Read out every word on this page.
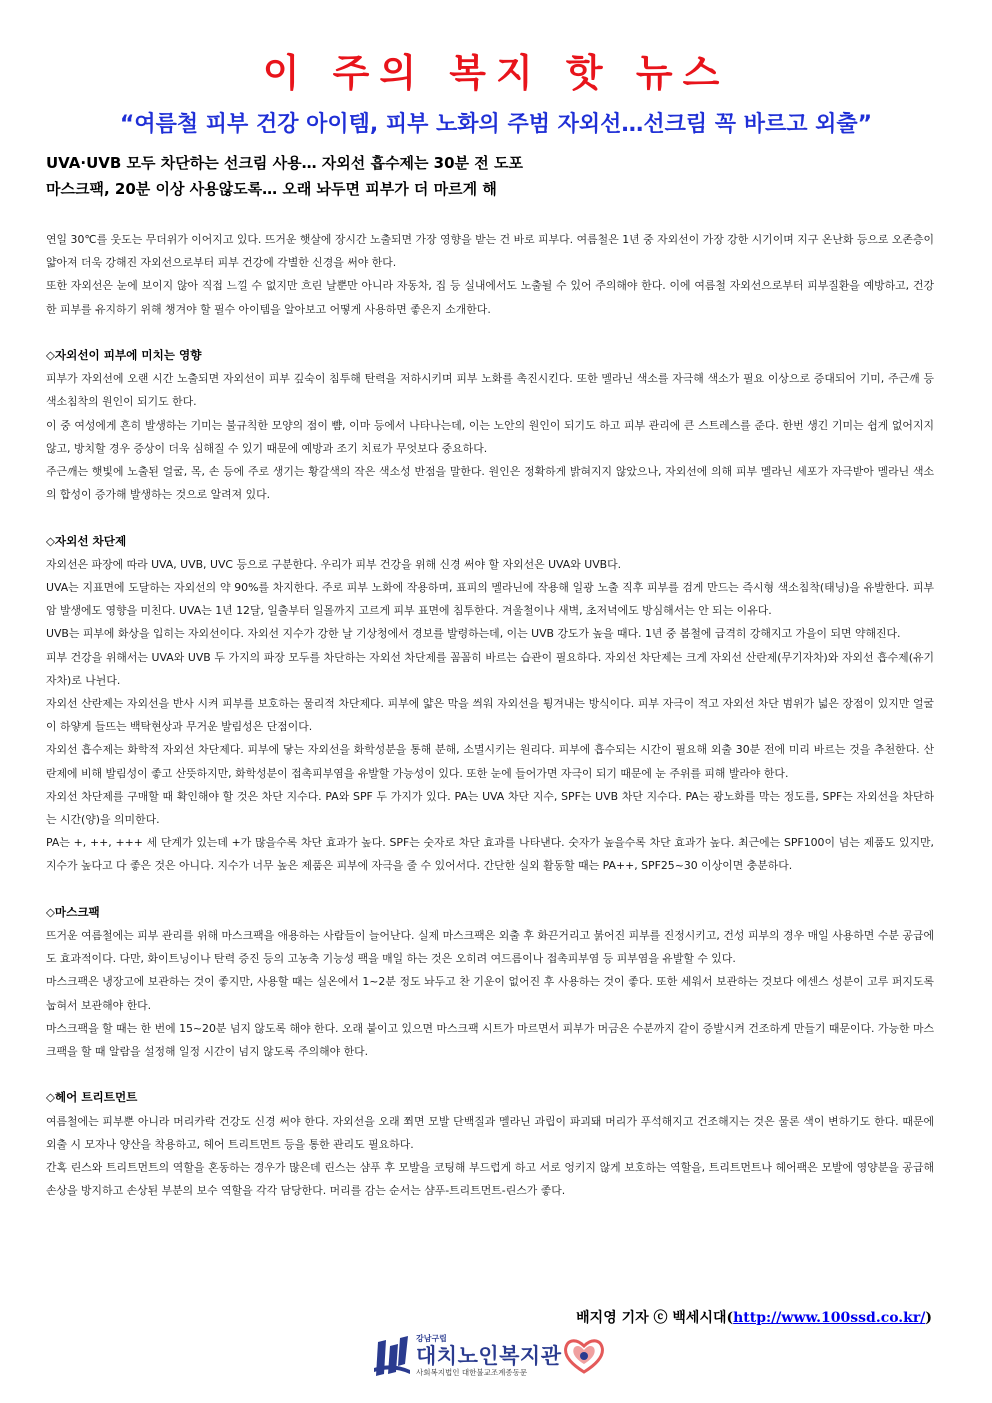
이 주의 복지 핫 뉴스
“여름철 피부 건강 아이템, 피부 노화의 주범 자외선…선크림 꼭 바르고 외출”

UVA·UVB 모두 차단하는 선크림 사용… 자외선 흡수제는 30분 전 도포

마스크팩, 20분 이상 사용않도록… 오래 놔두면 피부가 더 마르게 해

연일 30℃를 웃도는 무더위가 이어지고 있다. 뜨거운 햇살에 장시간 노출되면 가장 영향을 받는 건 바로 피부다. 여름철은 1년 중 자외선이 가장 강한 시기이며 지구 온난화 등으로 오존층이 얇아져 더욱 강해진 자외선으로부터 피부 건강에 각별한 신경을 써야 한다.

또한 자외선은 눈에 보이지 않아 직접 느낄 수 없지만 흐린 날뿐만 아니라 자동차, 집 등 실내에서도 노출될 수 있어 주의해야 한다. 이에 여름철 자외선으로부터 피부질환을 예방하고, 건강한 피부를 유지하기 위해 챙겨야 할 필수 아이템을 알아보고 어떻게 사용하면 좋은지 소개한다.

◇자외선이 피부에 미치는 영향

피부가 자외선에 오랜 시간 노출되면 자외선이 피부 깊숙이 침투해 탄력을 저하시키며 피부 노화를 촉진시킨다. 또한 멜라닌 색소를 자극해 색소가 필요 이상으로 증대되어 기미, 주근깨 등 색소침착의 원인이 되기도 한다.

이 중 여성에게 흔히 발생하는 기미는 불규칙한 모양의 점이 뺨, 이마 등에서 나타나는데, 이는 노안의 원인이 되기도 하고 피부 관리에 큰 스트레스를 준다. 한번 생긴 기미는 쉽게 없어지지 않고, 방치할 경우 증상이 더욱 심해질 수 있기 때문에 예방과 조기 치료가 무엇보다 중요하다.

주근깨는 햇빛에 노출된 얼굴, 목, 손 등에 주로 생기는 황갈색의 작은 색소성 반점을 말한다. 원인은 정확하게 밝혀지지 않았으나, 자외선에 의해 피부 멜라닌 세포가 자극받아 멜라닌 색소의 합성이 증가해 발생하는 것으로 알려져 있다.

◇자외선 차단제

자외선은 파장에 따라 UVA, UVB, UVC 등으로 구분한다. 우리가 피부 건강을 위해 신경 써야 할 자외선은 UVA와 UVB다.

UVA는 지표면에 도달하는 자외선의 약 90%를 차지한다. 주로 피부 노화에 작용하며, 표피의 멜라닌에 작용해 일광 노출 직후 피부를 검게 만드는 즉시형 색소침착(태닝)을 유발한다. 피부암 발생에도 영향을 미친다. UVA는 1년 12달, 일출부터 일몰까지 고르게 피부 표면에 침투한다. 겨울철이나 새벽, 초저녁에도 방심해서는 안 되는 이유다.

UVB는 피부에 화상을 입히는 자외선이다. 자외선 지수가 강한 날 기상청에서 경보를 발령하는데, 이는 UVB 강도가 높을 때다. 1년 중 봄철에 급격히 강해지고 가을이 되면 약해진다.

피부 건강을 위해서는 UVA와 UVB 두 가지의 파장 모두를 차단하는 자외선 차단제를 꼼꼼히 바르는 습관이 필요하다. 자외선 차단제는 크게 자외선 산란제(무기자차)와 자외선 흡수제(유기자차)로 나뉜다.

자외선 산란제는 자외선을 반사 시켜 피부를 보호하는 물리적 차단제다. 피부에 얇은 막을 씌워 자외선을 튕겨내는 방식이다. 피부 자극이 적고 자외선 차단 범위가 넓은 장점이 있지만 얼굴이 하얗게 들뜨는 백탁현상과 무거운 발림성은 단점이다.

자외선 흡수제는 화학적 자외선 차단제다. 피부에 닿는 자외선을 화학성분을 통해 분해, 소멸시키는 원리다. 피부에 흡수되는 시간이 필요해 외출 30분 전에 미리 바르는 것을 추천한다. 산란제에 비해 발림성이 좋고 산뜻하지만, 화학성분이 접촉피부염을 유발할 가능성이 있다. 또한 눈에 들어가면 자극이 되기 때문에 눈 주위를 피해 발라야 한다.

자외선 차단제를 구매할 때 확인해야 할 것은 차단 지수다. PA와 SPF 두 가지가 있다. PA는 UVA 차단 지수, SPF는 UVB 차단 지수다. PA는 광노화를 막는 정도를, SPF는 자외선을 차단하는 시간(양)을 의미한다.

PA는 +, ++, +++ 세 단계가 있는데 +가 많을수록 차단 효과가 높다. SPF는 숫자로 차단 효과를 나타낸다. 숫자가 높을수록 차단 효과가 높다. 최근에는 SPF100이 넘는 제품도 있지만, 지수가 높다고 다 좋은 것은 아니다. 지수가 너무 높은 제품은 피부에 자극을 줄 수 있어서다. 간단한 실외 활동할 때는 PA++, SPF25~30 이상이면 충분하다.

◇마스크팩

뜨거운 여름철에는 피부 관리를 위해 마스크팩을 애용하는 사람들이 늘어난다. 실제 마스크팩은 외출 후 화끈거리고 붉어진 피부를 진정시키고, 건성 피부의 경우 매일 사용하면 수분 공급에도 효과적이다. 다만, 화이트닝이나 탄력 증진 등의 고농축 기능성 팩을 매일 하는 것은 오히려 여드름이나 접촉피부염 등 피부염을 유발할 수 있다.

마스크팩은 냉장고에 보관하는 것이 좋지만, 사용할 때는 실온에서 1~2분 정도 놔두고 찬 기운이 없어진 후 사용하는 것이 좋다. 또한 세워서 보관하는 것보다 에센스 성분이 고루 퍼지도록 눕혀서 보관해야 한다.

마스크팩을 할 때는 한 번에 15~20분 넘지 않도록 해야 한다. 오래 붙이고 있으면 마스크팩 시트가 마르면서 피부가 머금은 수분까지 같이 증발시켜 건조하게 만들기 때문이다. 가능한 마스크팩을 할 때 알람을 설정해 일정 시간이 넘지 않도록 주의해야 한다.

◇헤어 트리트먼트

여름철에는 피부뿐 아니라 머리카락 건강도 신경 써야 한다. 자외선을 오래 쬐면 모발 단백질과 멜라닌 과립이 파괴돼 머리가 푸석해지고 건조해지는 것은 물론 색이 변하기도 한다. 때문에 외출 시 모자나 양산을 착용하고, 헤어 트리트먼트 등을 통한 관리도 필요하다.

간혹 린스와 트리트먼트의 역할을 혼동하는 경우가 많은데 린스는 샴푸 후 모발을 코팅해 부드럽게 하고 서로 엉키지 않게 보호하는 역할을, 트리트먼트나 헤어팩은 모발에 영양분을 공급해 손상을 방지하고 손상된 부분의 보수 역할을 각각 담당한다. 머리를 감는 순서는 샴푸-트리트먼트-린스가 좋다.

배지영 기자 ⓒ 백세시대(http://www.100ssd.co.kr/)
강남구립
대치노인복지관
사회복지법인 대한불교조계종동문
